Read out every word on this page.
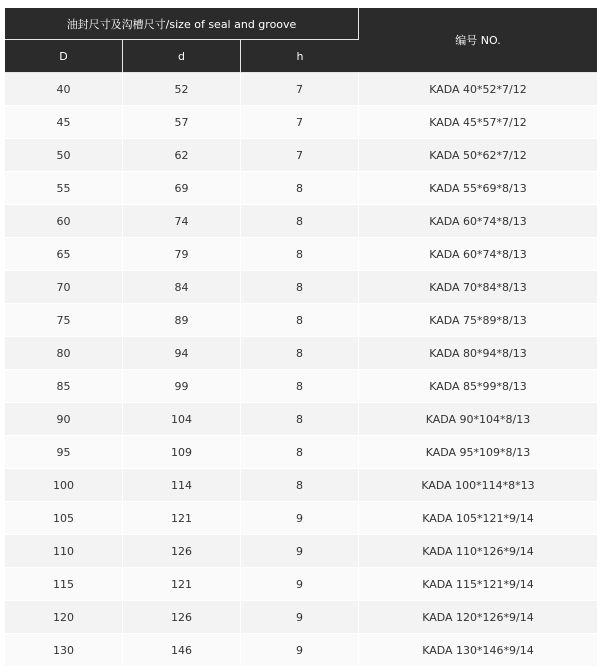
油封尺寸及沟槽尺寸/size of seal and groove			编号 NO.
D	d	h	
40	52	7	KADA 40*52*7/12
45	57	7	KADA 45*57*7/12
50	62	7	KADA 50*62*7/12
55	69	8	KADA 55*69*8/13
60	74	8	KADA 60*74*8/13
65	79	8	KADA 60*74*8/13
70	84	8	KADA 70*84*8/13
75	89	8	KADA 75*89*8/13
80	94	8	KADA 80*94*8/13
85	99	8	KADA 85*99*8/13
90	104	8	KADA 90*104*8/13
95	109	8	KADA 95*109*8/13
100	114	8	KADA 100*114*8*13
105	121	9	KADA 105*121*9/14
110	126	9	KADA 110*126*9/14
115	121	9	KADA 115*121*9/14
120	126	9	KADA 120*126*9/14
130	146	9	KADA 130*146*9/14
